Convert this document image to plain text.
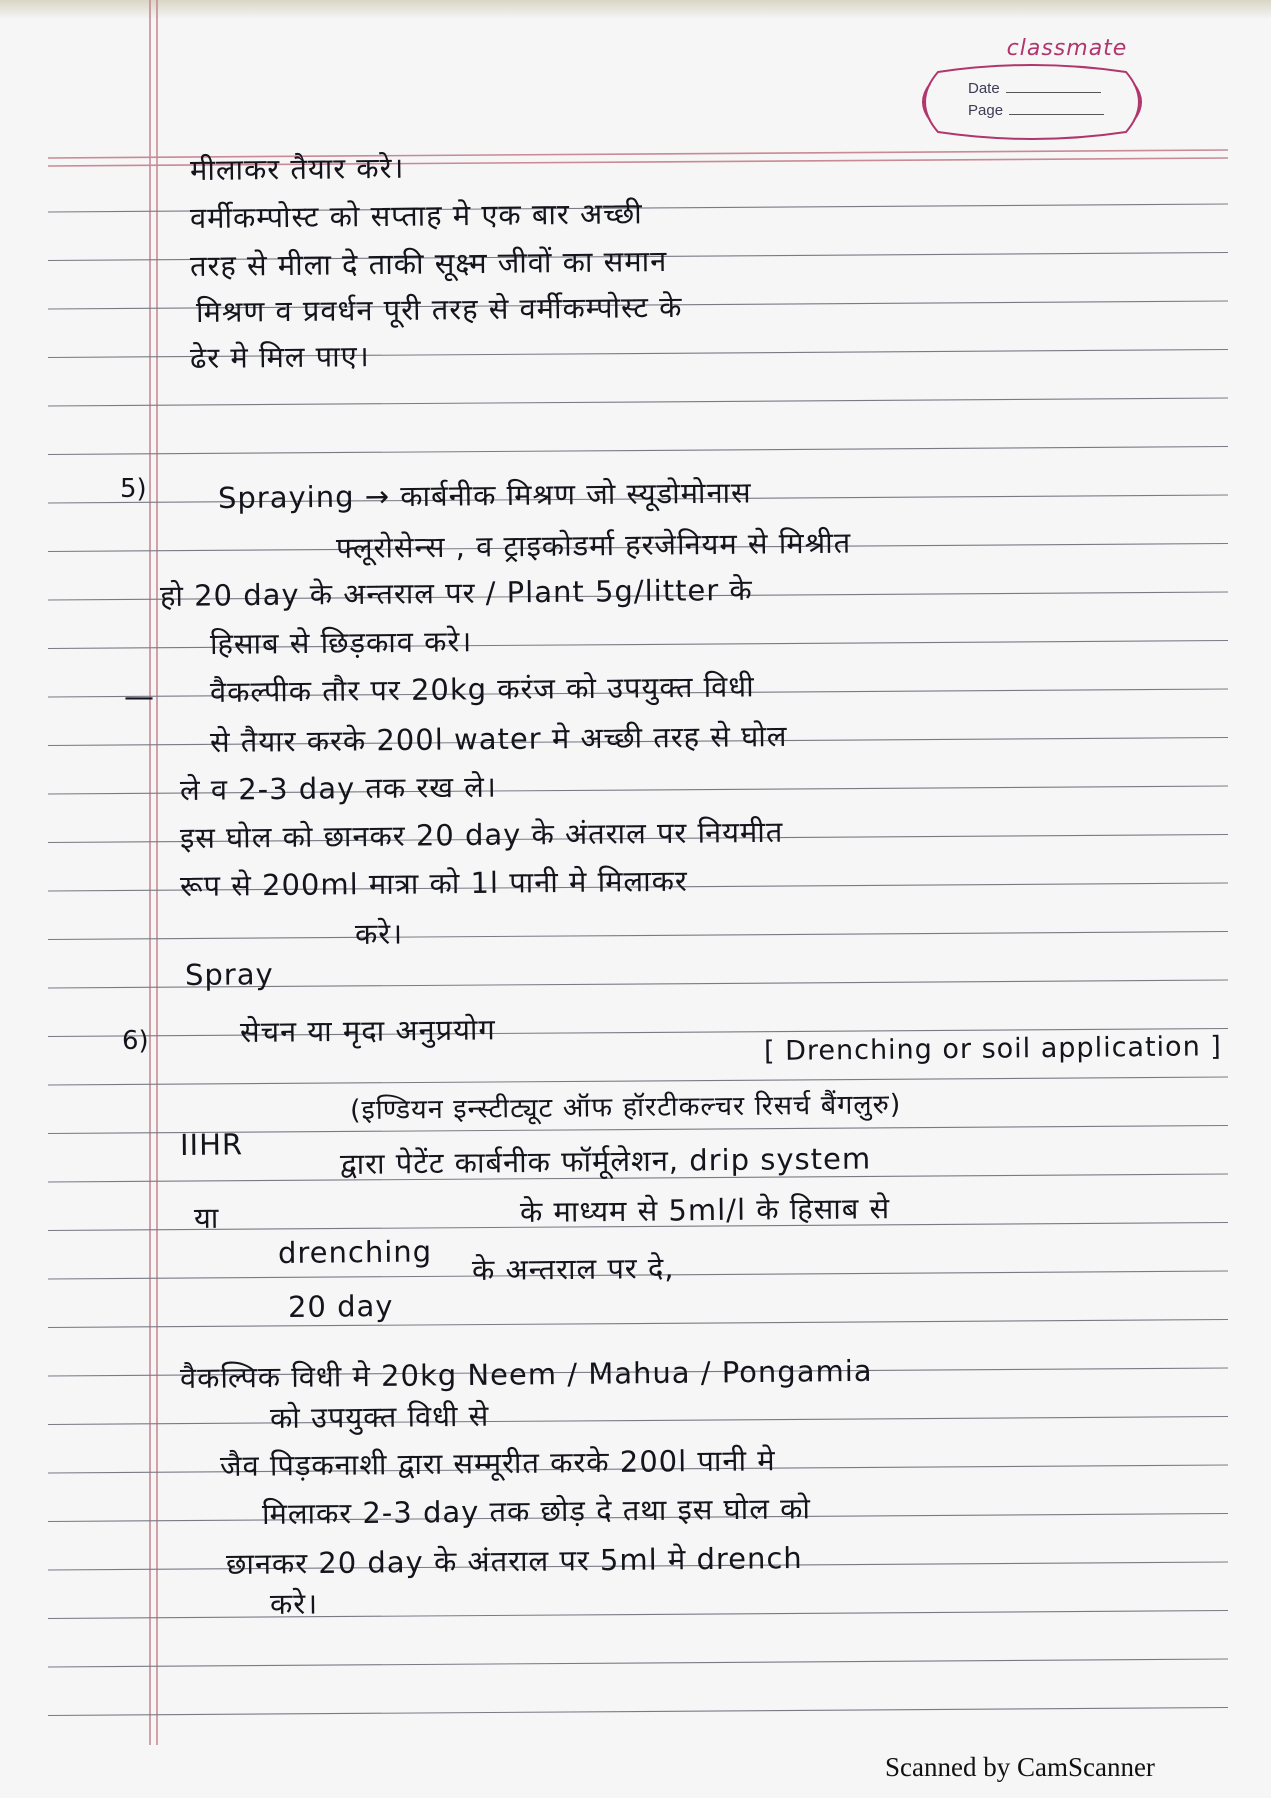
classmate
Date
Page
मीलाकर तैयार करे।
वर्मीकम्पोस्ट को सप्ताह मे एक बार अच्छी
तरह से मीला दे ताकी सूक्ष्म जीवों का समान
मिश्रण व प्रवर्धन पूरी तरह से वर्मीकम्पोस्ट के
ढेर मे मिल पाए।
5) Spraying → कार्बनीक मिश्रण जो स्यूडोमोनास
फ्लूरोसेन्स , व ट्राइकोडर्मा हरजेनियम से मिश्रीत
हो 20 day के अन्तराल पर / Plant 5g/litter के
हिसाब से छिड़काव करे।
— वैकल्पीक तौर पर 20kg करंज को उपयुक्त विधी
से तैयार करके 200l water मे अच्छी तरह से घोल
ले व 2-3 day तक रख ले।
इस घोल को छानकर 20 day के अंतराल पर नियमीत
रूप से 200ml मात्रा को 1l पानी मे मिलाकर
करे।
Spray
6)	सेचन या मृदा अनुप्रयोग
[ Drenching or soil application ]
(इण्डियन इन्स्टीट्यूट ऑफ हॉरटीकल्चर रिसर्च बैंगलुरु)
IIHR	द्वारा पेटेंट कार्बनीक फॉर्मूलेशन, drip system
या	के माध्यम से 5ml/l के हिसाब से
drenching के अन्तराल पर दे,
20 day
वैकल्पिक विधी मे 20kg Neem / Mahua / Pongamia
को उपयुक्त विधी से
जैव पिड़कनाशी द्वारा सम्मूरीत करके 200l पानी मे
मिलाकर 2-3 day तक छोड़ दे तथा इस घोल को
छानकर 20 day के अंतराल पर 5ml मे drench
करे।
Scanned by CamScanner
